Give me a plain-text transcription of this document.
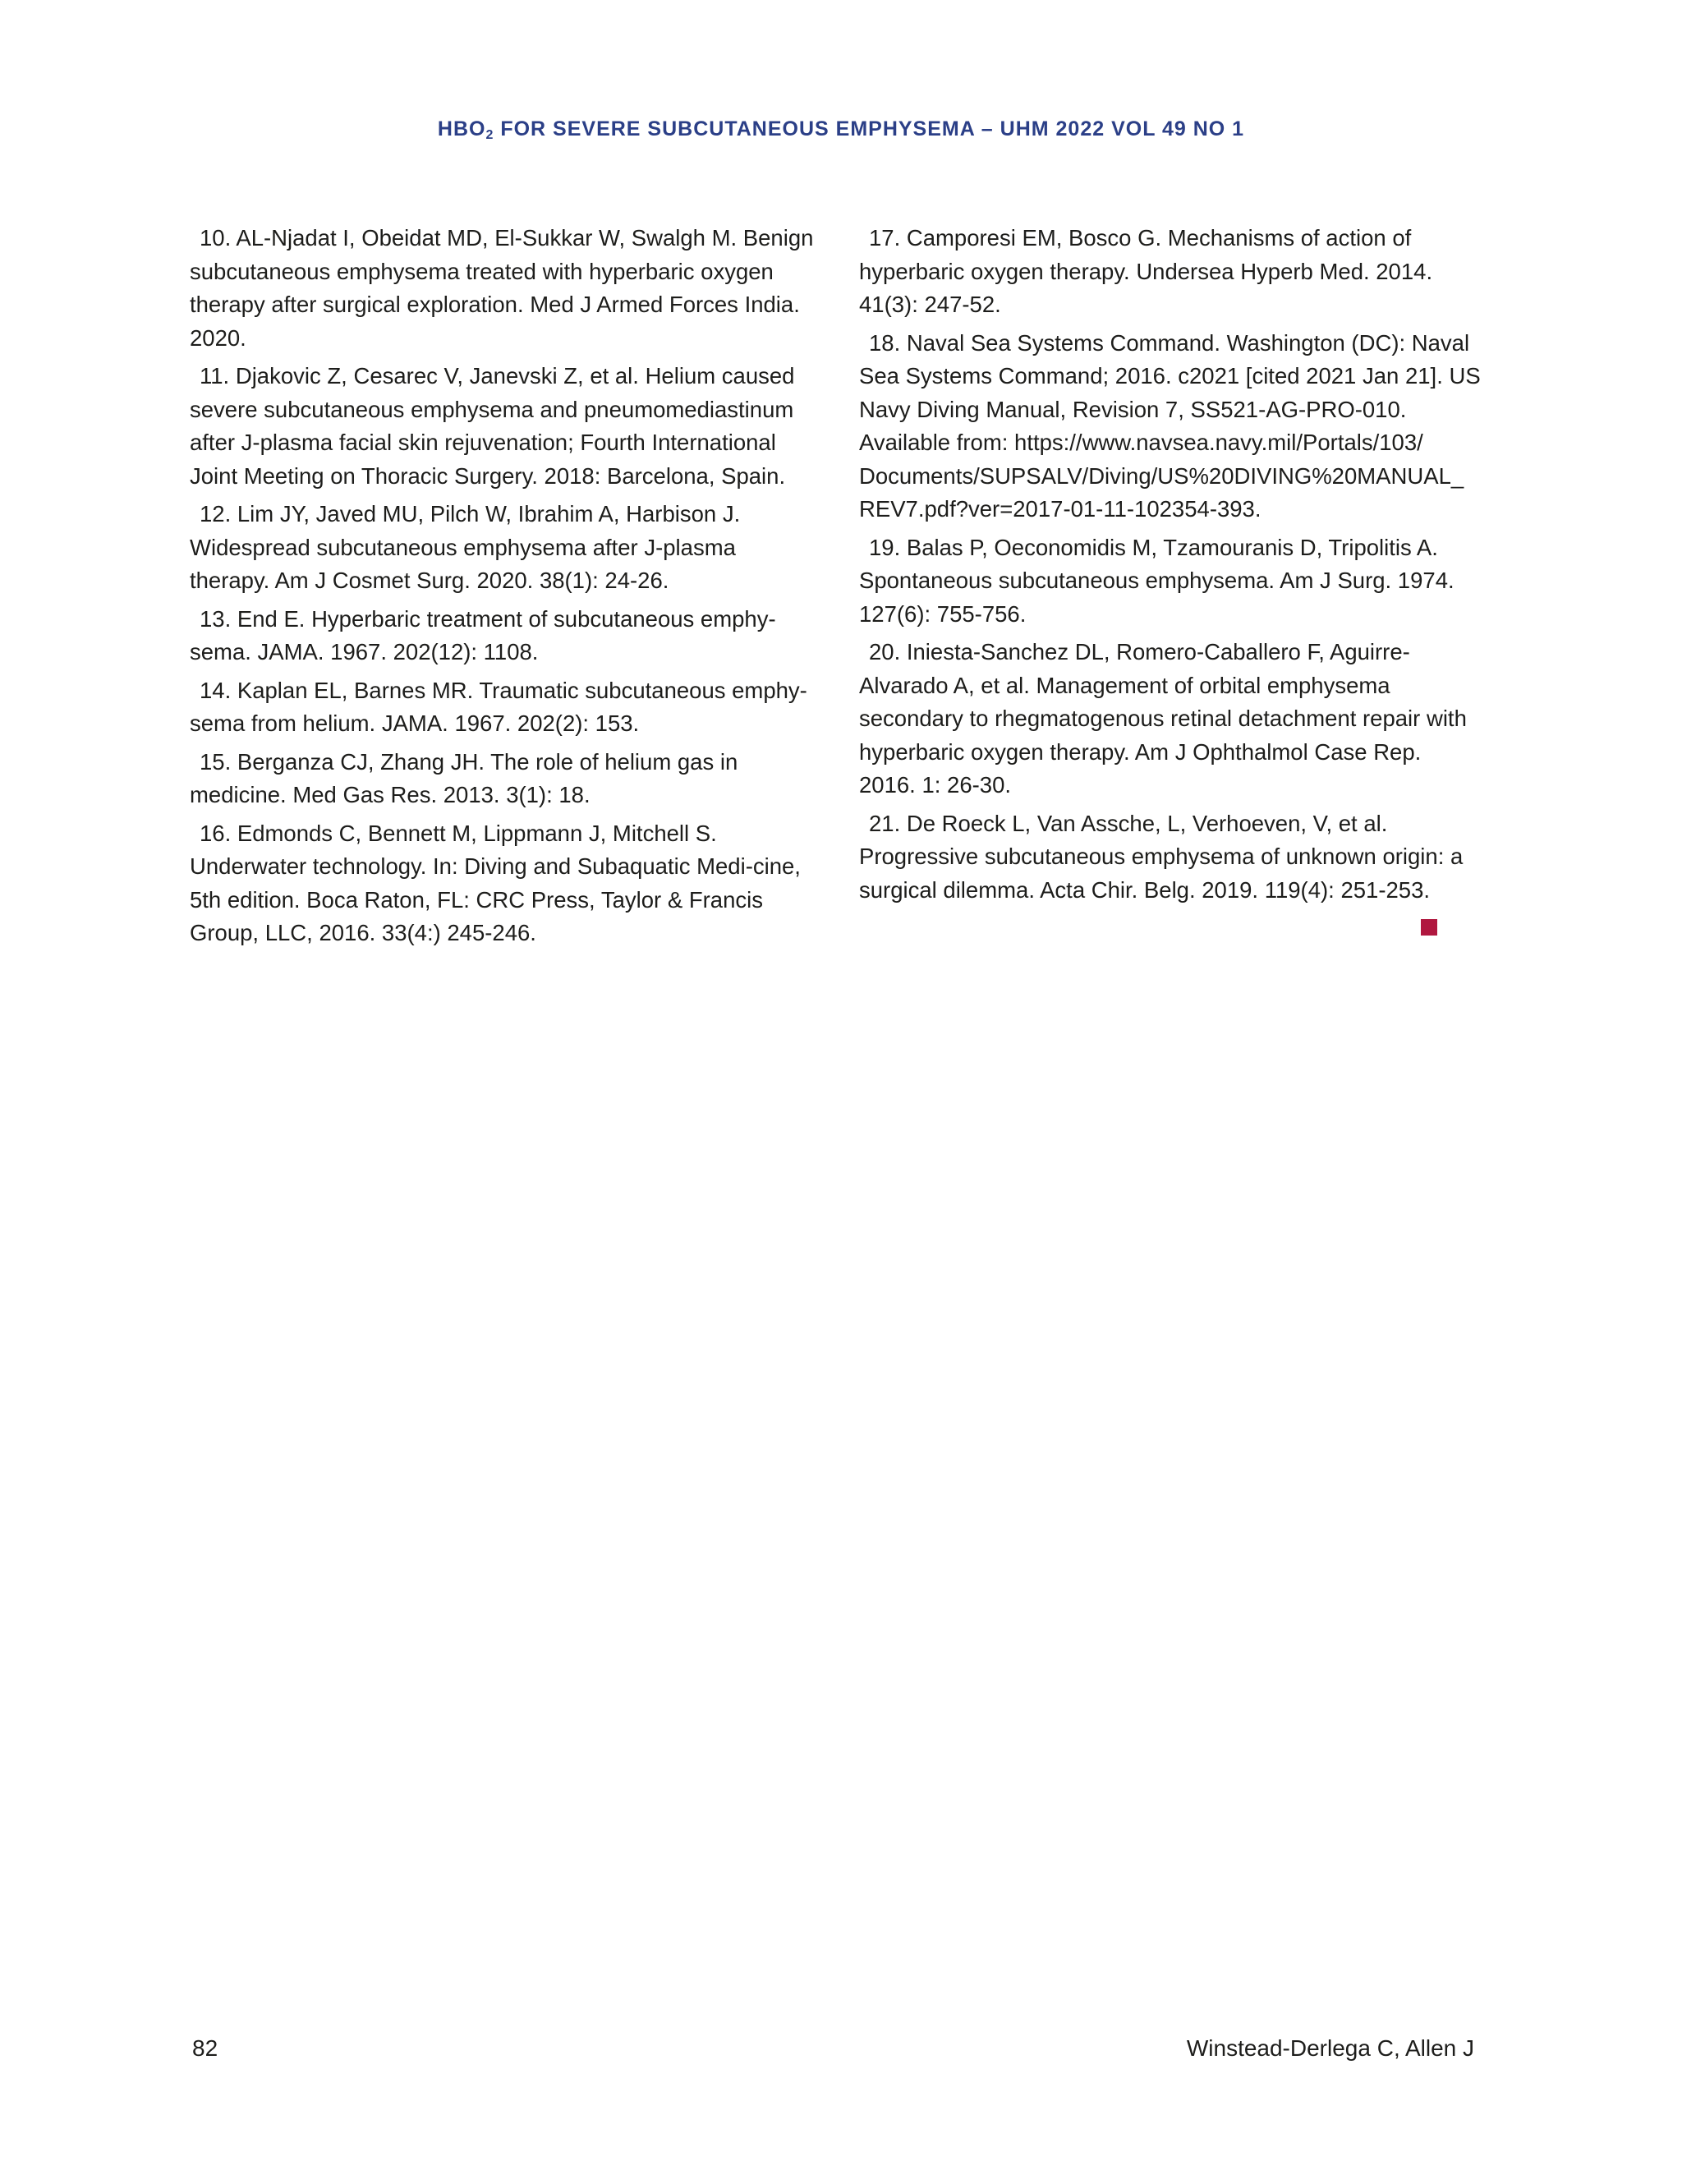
$HBO_2$ FOR SEVERE SUBCUTANEOUS EMPHYSEMA – UHM 2022 VOL 49 NO 1

10. AL-Njadat I, Obeidat MD, El-Sukkar W, Swalgh M. Benign subcutaneous emphysema treated with hyperbaric oxygen therapy after surgical exploration. Med J Armed Forces India. 2020.

11. Djakovic Z, Cesarec V, Janevski Z, et al. Helium caused severe subcutaneous emphysema and pneumomediastinum after J-plasma facial skin rejuvenation; Fourth International Joint Meeting on Thoracic Surgery. 2018: Barcelona, Spain.

12. Lim JY, Javed MU, Pilch W, Ibrahim A, Harbison J. Widespread subcutaneous emphysema after J-plasma therapy. Am J Cosmet Surg. 2020. 38(1): 24-26.

13. End E. Hyperbaric treatment of subcutaneous emphy-sema. JAMA. 1967. 202(12): 1108.

14. Kaplan EL, Barnes MR. Traumatic subcutaneous emphy-sema from helium. JAMA. 1967. 202(2): 153.

15. Berganza CJ, Zhang JH. The role of helium gas in medicine. Med Gas Res. 2013. 3(1): 18.

16. Edmonds C, Bennett M, Lippmann J, Mitchell S. Underwater technology. In: Diving and Subaquatic Medi-cine, 5th edition. Boca Raton, FL: CRC Press, Taylor & Francis Group, LLC, 2016. 33(4:) 245-246.

17. Camporesi EM, Bosco G. Mechanisms of action of hyperbaric oxygen therapy. Undersea Hyperb Med. 2014. 41(3): 247-52.

18. Naval Sea Systems Command. Washington (DC): Naval Sea Systems Command; 2016. c2021 [cited 2021 Jan 21]. US Navy Diving Manual, Revision 7, SS521-AG-PRO-010. Available from: https://www.navsea.navy.mil/Portals/103/ Documents/SUPSALV/Diving/US%20DIVING%20MANUAL_ REV7.pdf?ver=2017-01-11-102354-393.

19. Balas P, Oeconomidis M, Tzamouranis D, Tripolitis A. Spontaneous subcutaneous emphysema. Am J Surg. 1974. 127(6): 755-756.

20. Iniesta-Sanchez DL, Romero-Caballero F, Aguirre-Alvarado A, et al. Management of orbital emphysema secondary to rhegmatogenous retinal detachment repair with hyperbaric oxygen therapy. Am J Ophthalmol Case Rep. 2016. 1: 26-30.

21. De Roeck L, Van Assche, L, Verhoeven, V, et al. Progressive subcutaneous emphysema of unknown origin: a surgical dilemma. Acta Chir. Belg. 2019. 119(4): 251-253.

82	Winstead-Derlega C, Allen J
